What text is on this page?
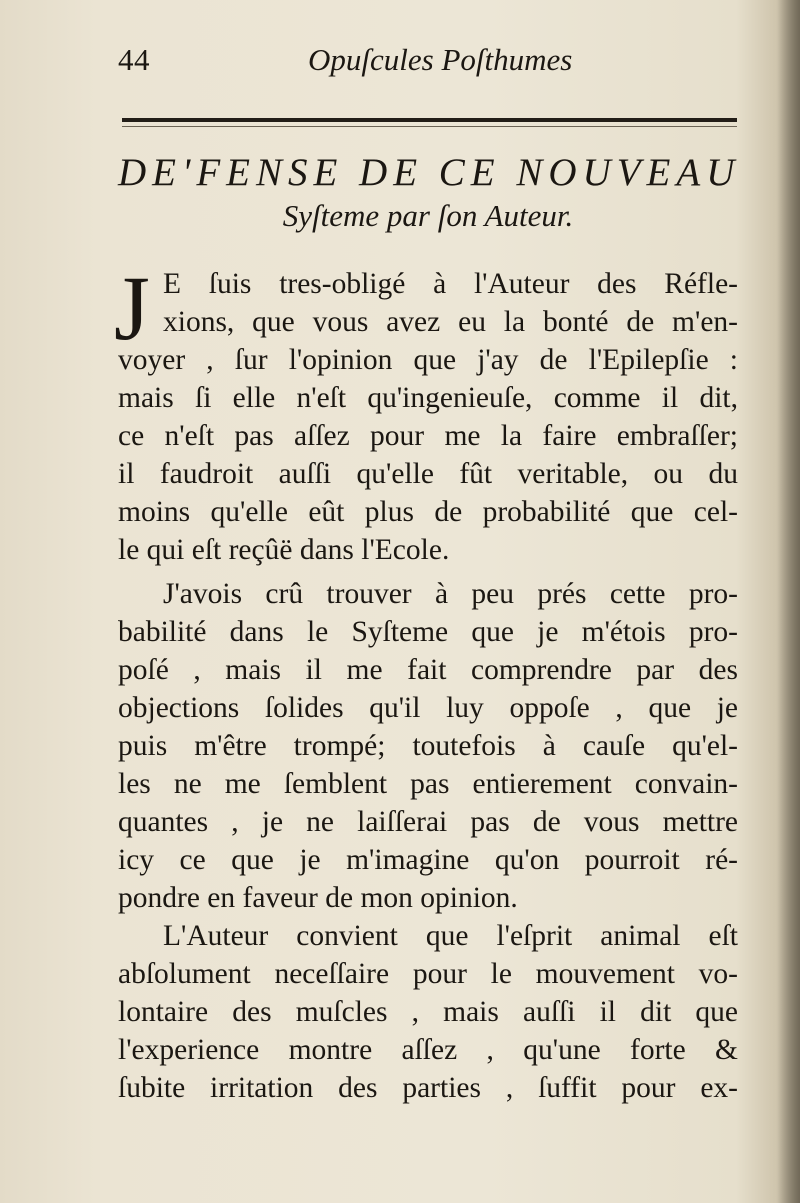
44	Opuſcules Poſthumes
DE'FENSE DE CE NOUVEAU
Syſteme par ſon Auteur.
J E ſuis tres-obligé à l'Auteur des Réfle-
xions, que vous avez eu la bonté de m'en-
voyer , ſur l'opinion que j'ay de l'Epilepſie :
mais ſi elle n'eſt qu'ingenieuſe, comme il dit,
ce n'eſt pas aſſez pour me la faire embraſſer;
il faudroit auſſi qu'elle fût veritable, ou du
moins qu'elle eût plus de probabilité que cel-
le qui eſt reçûë dans l'Ecole.
J'avois crû trouver à peu prés cette pro-
babilité dans le Syſteme que je m'étois pro-
poſé , mais il me fait comprendre par des
objections ſolides qu'il luy oppoſe , que je
puis m'être trompé; toutefois à cauſe qu'el-
les ne me ſemblent pas entierement convain-
quantes , je ne laiſſerai pas de vous mettre
icy ce que je m'imagine qu'on pourroit ré-
pondre en faveur de mon opinion.
L'Auteur convient que l'eſprit animal eſt
abſolument neceſſaire pour le mouvement vo-
lontaire des muſcles , mais auſſi il dit que
l'experience montre aſſez , qu'une forte &
ſubite irritation des parties , ſuffit pour ex-
